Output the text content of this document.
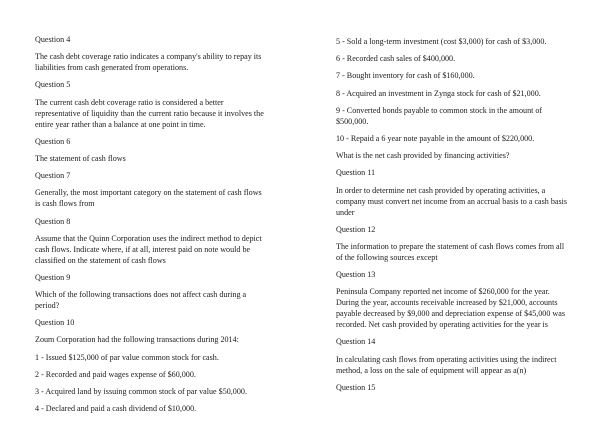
Question 4

The cash debt coverage ratio indicates a company's ability to repay its liabilities from cash generated from operations.

Question 5

The current cash debt coverage ratio is considered a better representative of liquidity than the current ratio because it involves the entire year rather than a balance at one point in time.

Question 6

The statement of cash flows

Question 7

Generally, the most important category on the statement of cash flows is cash flows from

Question 8

Assume that the Quinn Corporation uses the indirect method to depict cash flows. Indicate where, if at all, interest paid on note would be classified on the statement of cash flows

Question 9

Which of the following transactions does not affect cash during a period?

Question 10

Zoum Corporation had the following transactions during 2014:

1 - Issued $125,000 of par value common stock for cash.

2 - Recorded and paid wages expense of $60,000.

3 - Acquired land by issuing common stock of par value $50,000.

4 - Declared and paid a cash dividend of $10,000.

5 - Sold a long-term investment (cost $3,000) for cash of $3,000.

6 - Recorded cash sales of $400,000.

7 - Bought inventory for cash of $160,000.

8 - Acquired an investment in Zynga stock for cash of $21,000.

9 - Converted bonds payable to common stock in the amount of $500,000.

10 - Repaid a 6 year note payable in the amount of $220,000.

What is the net cash provided by financing activities?

Question 11

In order to determine net cash provided by operating activities, a company must convert net income from an accrual basis to a cash basis under

Question 12

The information to prepare the statement of cash flows comes from all of the following sources except

Question 13

Peninsula Company reported net income of $260,000 for the year. During the year, accounts receivable increased by $21,000, accounts payable decreased by $9,000 and depreciation expense of $45,000 was recorded. Net cash provided by operating activities for the year is

Question 14

In calculating cash flows from operating activities using the indirect method, a loss on the sale of equipment will appear as a(n)

Question 15
